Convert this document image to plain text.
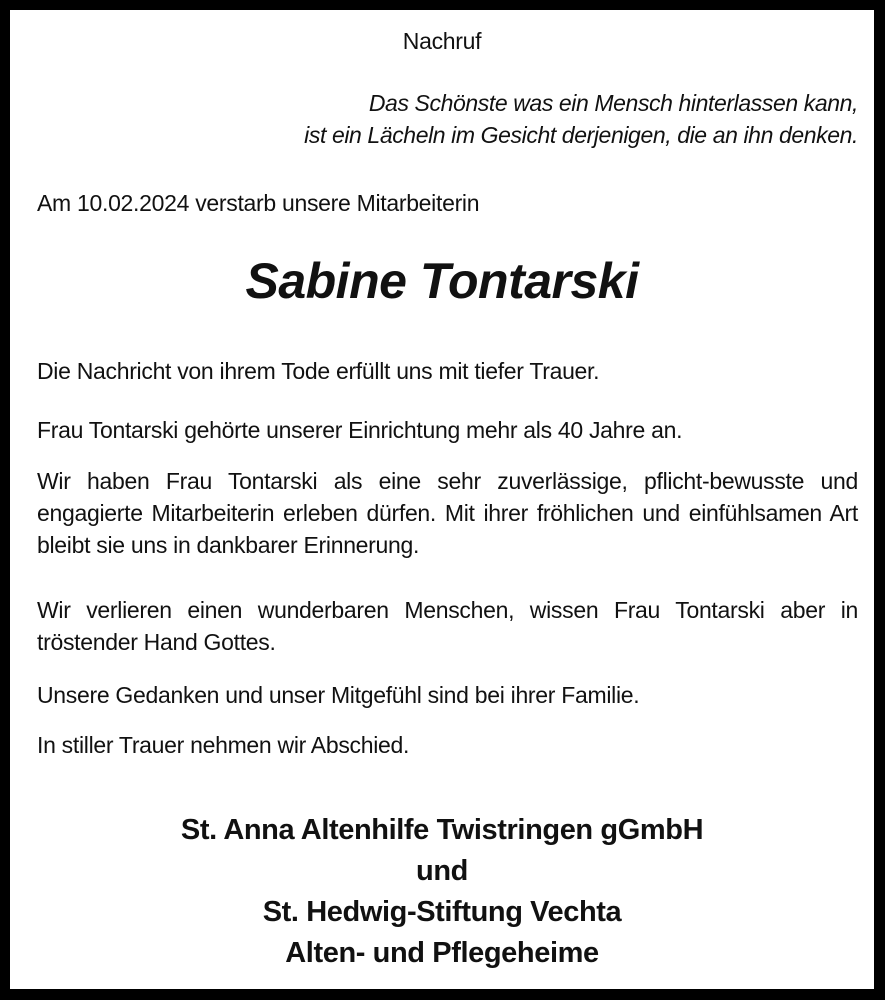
Nachruf
Das Schönste was ein Mensch hinterlassen kann,
ist ein Lächeln im Gesicht derjenigen, die an ihn denken.
Am 10.02.2024 verstarb unsere Mitarbeiterin
Sabine Tontarski
Die Nachricht von ihrem Tode erfüllt uns mit tiefer Trauer.
Frau Tontarski gehörte unserer Einrichtung mehr als 40 Jahre an.
Wir haben Frau Tontarski als eine sehr zuverlässige, pflicht-bewusste und engagierte Mitarbeiterin erleben dürfen. Mit ihrer fröhlichen und einfühlsamen Art bleibt sie uns in dankbarer Erinnerung.
Wir verlieren einen wunderbaren Menschen, wissen Frau Tontarski aber in tröstender Hand Gottes.
Unsere Gedanken und unser Mitgefühl sind bei ihrer Familie.
In stiller Trauer nehmen wir Abschied.
St. Anna Altenhilfe Twistringen gGmbH
und
St. Hedwig-Stiftung Vechta
Alten- und Pflegeheime
